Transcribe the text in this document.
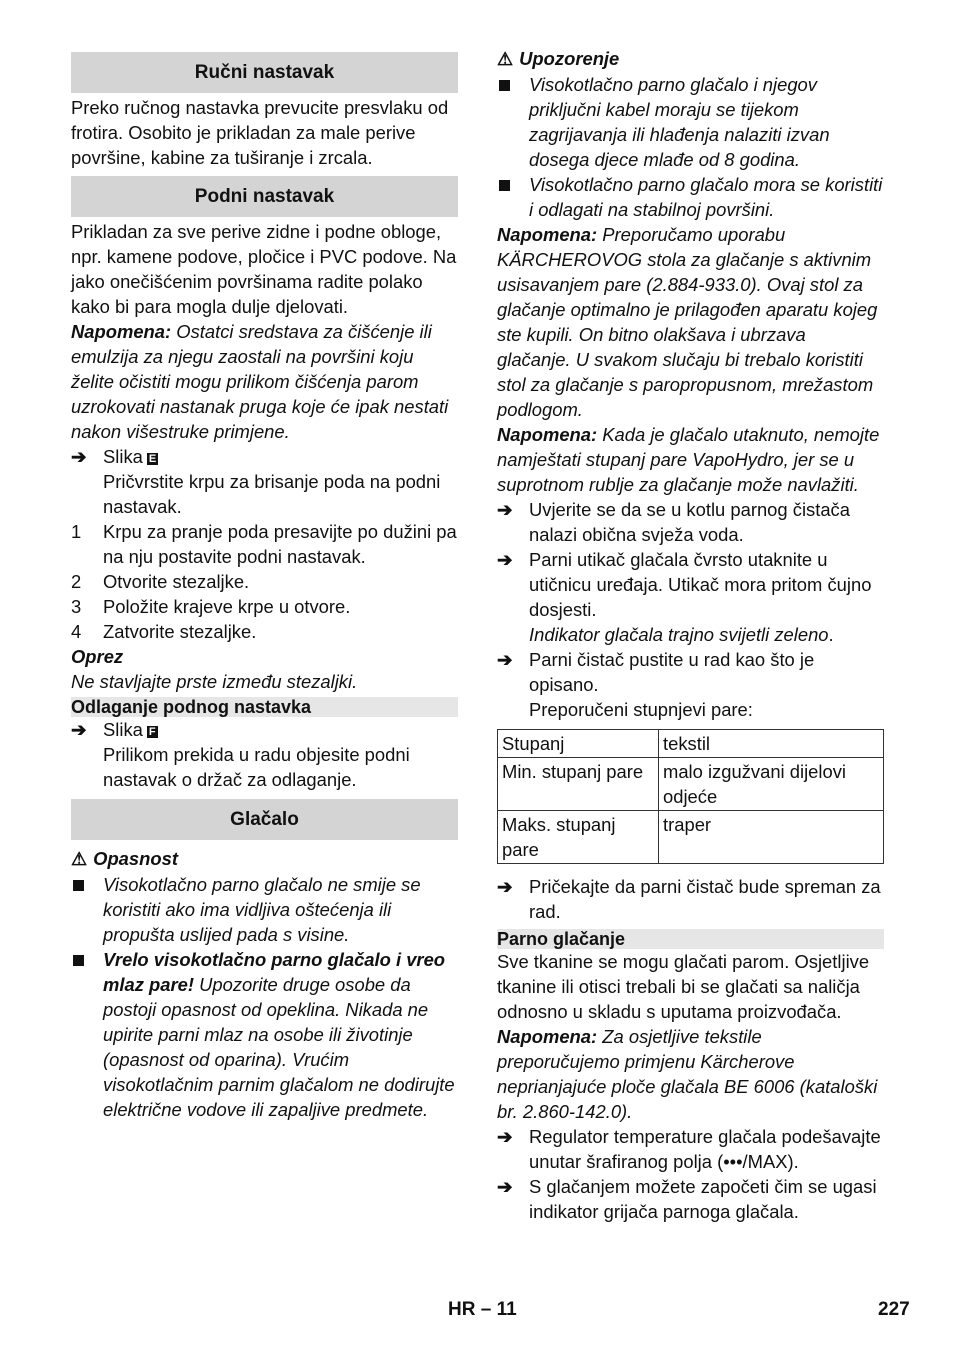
Ručni nastavak

Preko ručnog nastavka prevucite presvlaku od frotira. Osobito je prikladan za male perive površine, kabine za tuširanje i zrcala.

Podni nastavak

Prikladan za sve perive zidne i podne obloge, npr. kamene podove, pločice i PVC podove. Na jako onečišćenim površinama radite polako kako bi para mogla dulje djelovati.

Napomena: Ostatci sredstava za čišćenje ili emulzija za njegu zaostali na površini koju želite očistiti mogu prilikom čišćenja parom uzrokovati nastanak pruga koje će ipak nestati nakon višestruke primjene.

➔
Slika E
Pričvrstite krpu za brisanje poda na podni nastavak.
1	Krpu za pranje poda presavijte po dužini pa na nju postavite podni nastavak.
2	Otvorite stezaljke.
3	Položite krajeve krpe u otvore.
4	Zatvorite stezaljke.

Oprez

Ne stavljajte prste između stezaljki.

Odlaganje podnog nastavka
➔
Slika F
Prilikom prekida u radu objesite podni nastavak o držač za odlaganje.
Glačalo

⚠ Opasnost

Visokotlačno parno glačalo ne smije se koristiti ako ima vidljiva oštećenja ili propušta uslijed pada s visine.
Vrelo visokotlačno parno glačalo i vreo mlaz pare! Upozorite druge osobe da postoji opasnost od opeklina. Nikada ne upirite parni mlaz na osobe ili životinje (opasnost od oparina). Vrućim visokotlačnim parnim glačalom ne dodirujte električne vodove ili zapaljive predmete.

⚠ Upozorenje

Visokotlačno parno glačalo i njegov priključni kabel moraju se tijekom zagrijavanja ili hlađenja nalaziti izvan dosega djece mlađe od 8 godina.
Visokotlačno parno glačalo mora se koristiti i odlagati na stabilnoj površini.

Napomena: Preporučamo uporabu KÄRCHEROVOG stola za glačanje s aktivnim usisavanjem pare (2.884-933.0). Ovaj stol za glačanje optimalno je prilagođen aparatu kojeg ste kupili. On bitno olakšava i ubrzava glačanje. U svakom slučaju bi trebalo koristiti stol za glačanje s paropropusnom, mrežastom podlogom.

Napomena: Kada je glačalo utaknuto, nemojte namještati stupanj pare VapoHydro, jer se u suprotnom rublje za glačanje može navlažiti.

➔
Uvjerite se da se u kotlu parnog čistača nalazi obična svježa voda.
➔
Parni utikač glačala čvrsto utaknite u utičnicu uređaja. Utikač mora pritom čujno dosjesti.
Indikator glačala trajno svijetli zeleno.
➔
Parni čistač pustite u rad kao što je opisano.
Preporučeni stupnjevi pare:
Stupanj	tekstil
Min. stupanj pare	malo izgužvani dijelovi odjeće
Maks. stupanj pare	traper
➔
Pričekajte da parni čistač bude spreman za rad.
Parno glačanje

Sve tkanine se mogu glačati parom. Osjetljive tkanine ili otisci trebali bi se glačati sa naličja odnosno u skladu s uputama proizvođača.

Napomena: Za osjetljive tekstile preporučujemo primjenu Kärcherove neprianjajuće ploče glačala BE 6006 (kataloški br. 2.860-142.0).

➔
Regulator temperature glačala podešavajte unutar šrafiranog polja (•••/MAX).
➔
S glačanjem možete započeti čim se ugasi indikator grijača parnoga glačala.
HR – 11	227
